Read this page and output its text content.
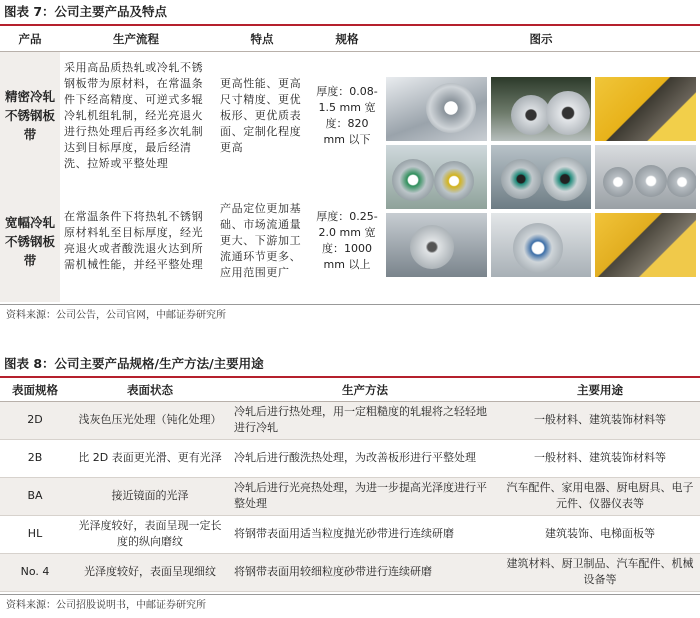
图表 7：公司主要产品及特点
产品	生产流程	特点	规格	图示
精密冷轧不锈钢板带	采用高品质热轧或冷轧不锈钢板带为原材料，在常温条件下经高精度、可逆式多辊冷轧机组轧制，经光亮退火进行热处理后再经多次轧制达到目标厚度，最后经清洗、拉矫或平整处理	更高性能、更高尺寸精度、更优板形、更优质表面、定制化程度更高	厚度：0.08-1.5 mm 宽度：820 mm 以下	

宽幅冷轧不锈钢板带	在常温条件下将热轧不锈钢原材料轧至目标厚度，经光亮退火或者酸洗退火达到所需机械性能，并经平整处理	产品定位更加基础、市场流通量更大、下游加工流通环节更多、应用范围更广	厚度：0.25-2.0 mm 宽度：1000 mm 以上	
资料来源：公司公告，公司官网，中邮证券研究所
图表 8：公司主要产品规格/生产方法/主要用途
表面规格	表面状态	生产方法	主要用途
2D	浅灰色压光处理（钝化处理）	冷轧后进行热处理，用一定粗糙度的轧辊将之轻轻地进行冷轧	一般材料、建筑装饰材料等
2B	比 2D 表面更光滑、更有光泽	冷轧后进行酸洗热处理，为改善板形进行平整处理	一般材料、建筑装饰材料等
BA	接近镜面的光泽	冷轧后进行光亮热处理，为进一步提高光泽度进行平整处理	汽车配件、家用电器、厨电厨具、电子元件、仪器仪表等
HL	光泽度较好，表面呈现一定长度的纵向磨纹	将钢带表面用适当粒度抛光砂带进行连续研磨	建筑装饰、电梯面板等
No. 4	光泽度较好，表面呈现细纹	将钢带表面用较细粒度砂带进行连续研磨	建筑材料、厨卫制品、汽车配件、机械设备等
资料来源：公司招股说明书，中邮证券研究所
